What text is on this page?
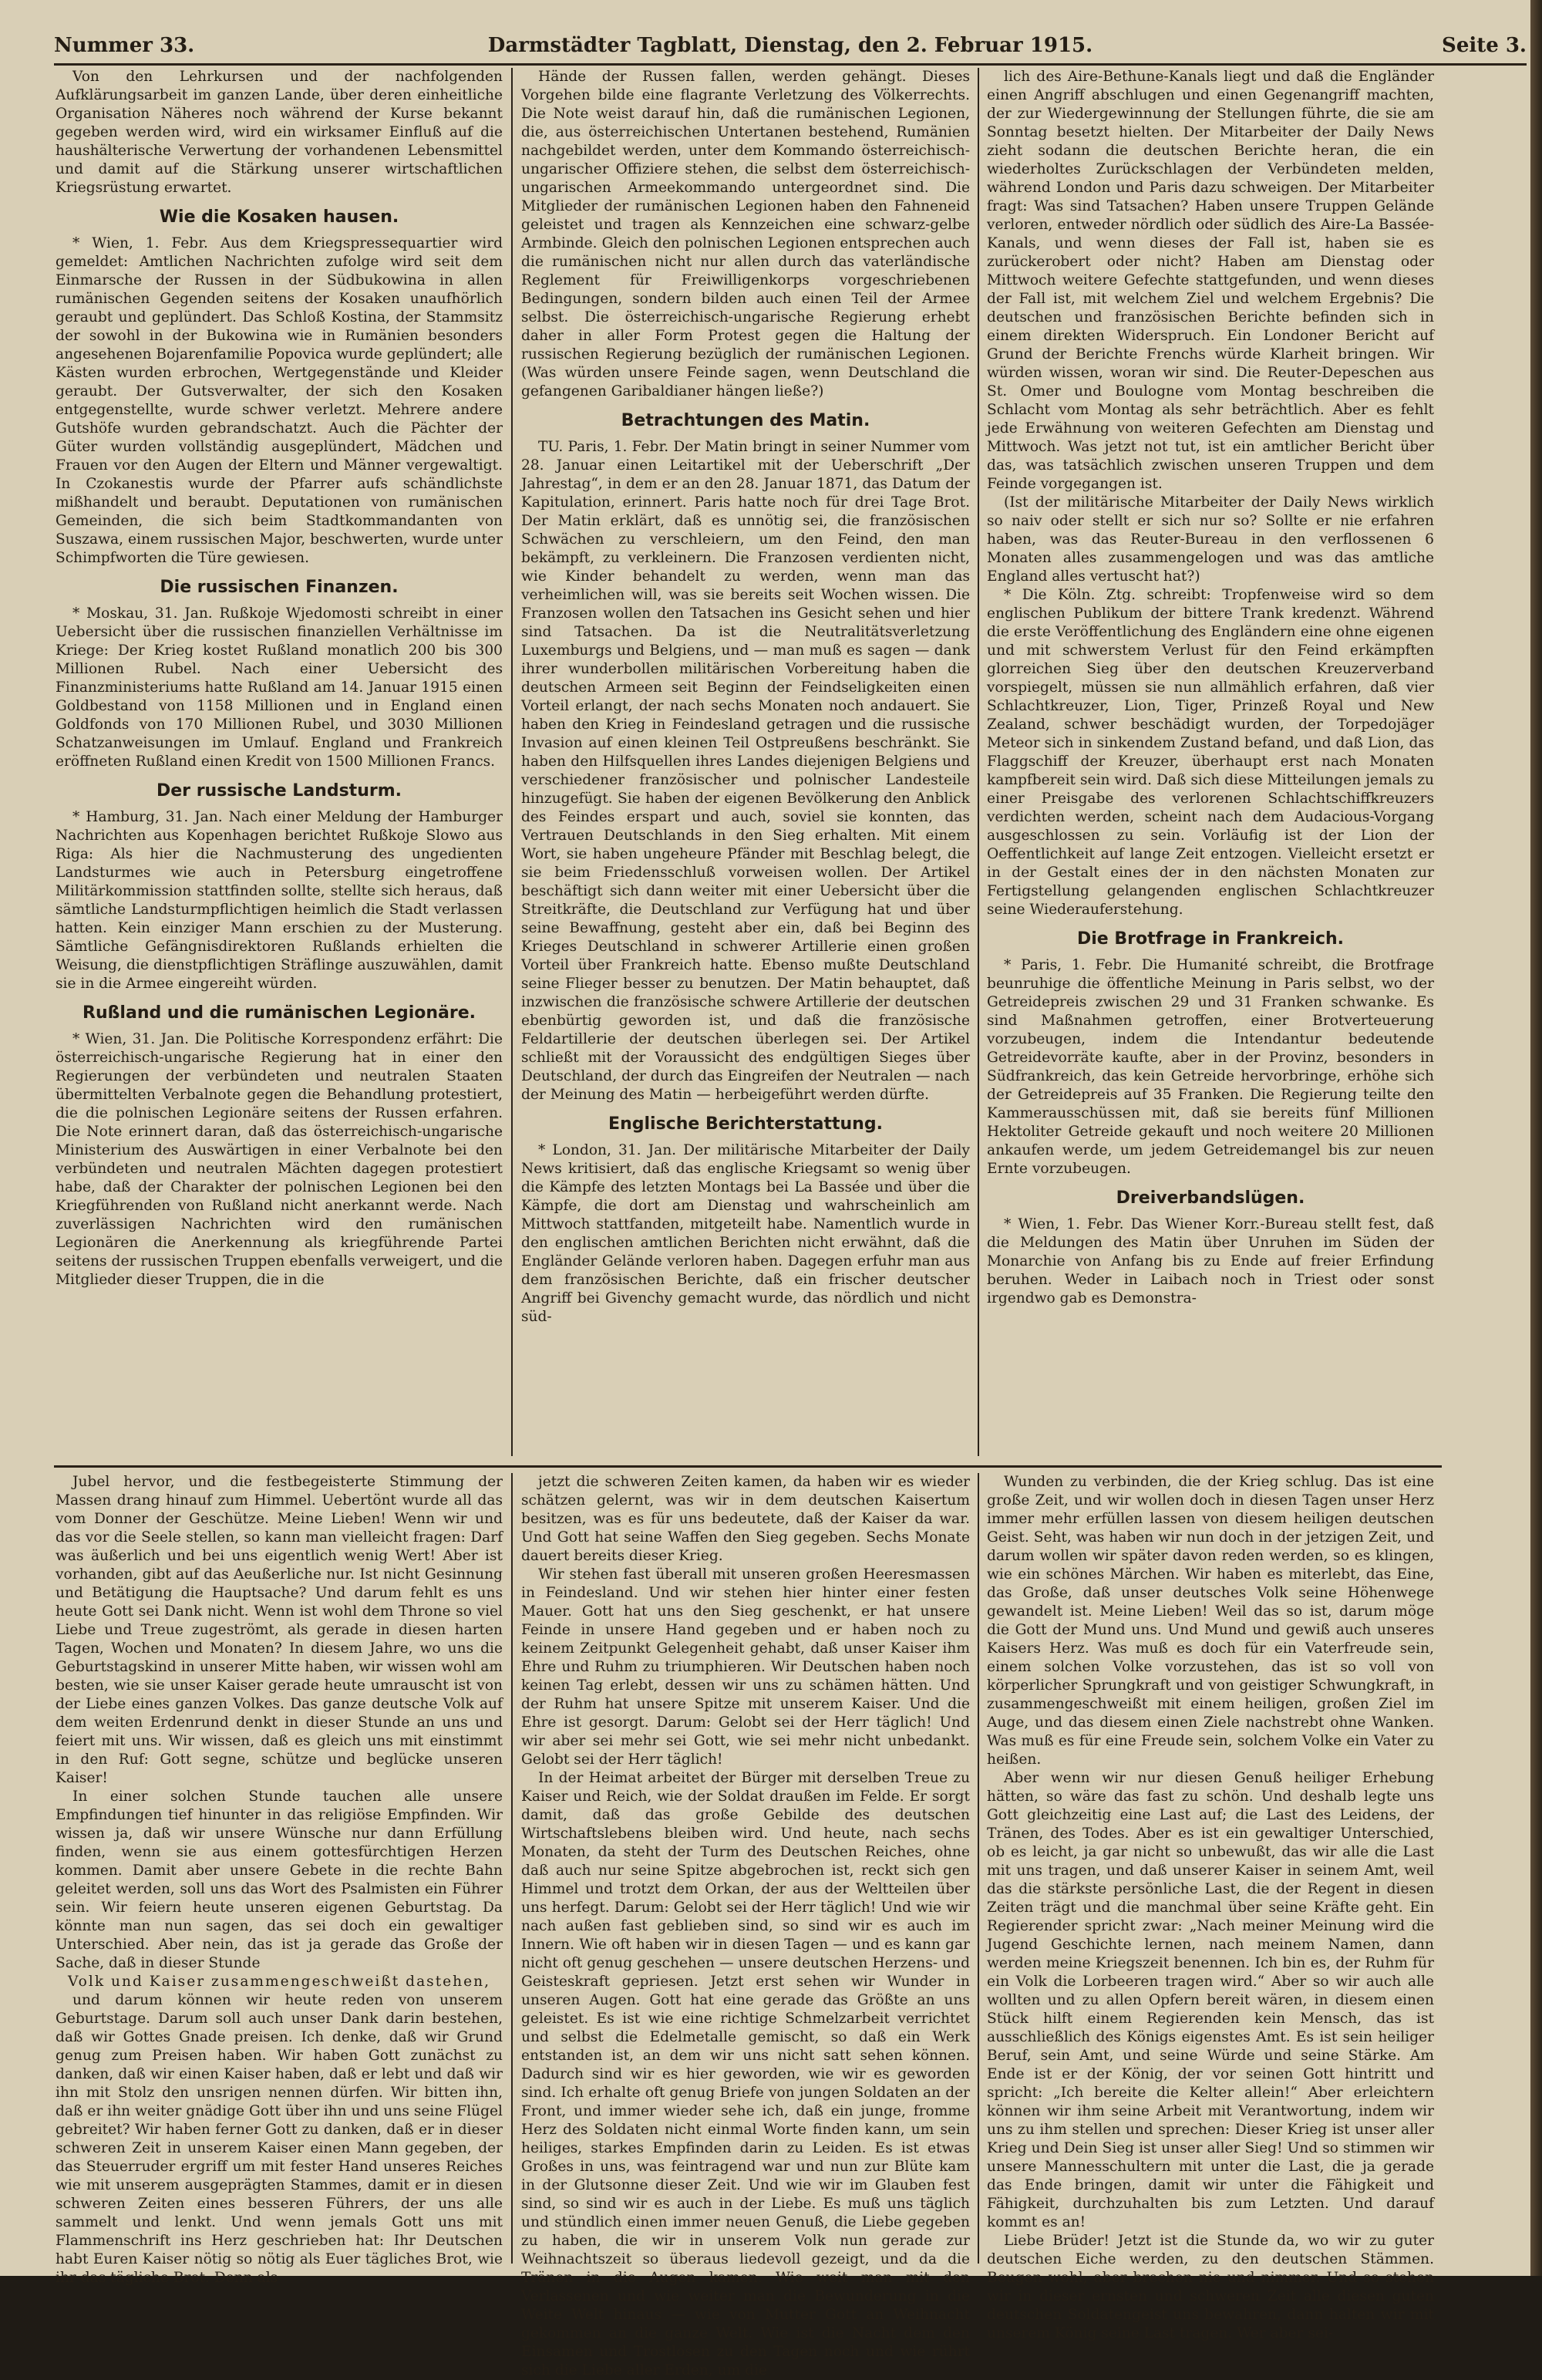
Nummer 33.	Darmstädter Tagblatt, Dienstag, den 2. Februar 1915.	Seite 3.

Von den Lehrkursen und der nachfolgenden Aufklärungsarbeit im ganzen Lande, über deren einheitliche Organisation Näheres noch während der Kurse bekannt gegeben werden wird, wird ein wirksamer Einfluß auf die haushälterische Verwertung der vorhandenen Lebensmittel und damit auf die Stärkung unserer wirtschaftlichen Kriegsrüstung erwartet.

Wie die Kosaken hausen.

* Wien, 1. Febr. Aus dem Kriegspressequartier wird gemeldet: Amtlichen Nachrichten zufolge wird seit dem Einmarsche der Russen in der Südbukowina in allen rumänischen Gegenden seitens der Kosaken unaufhörlich geraubt und geplündert. Das Schloß Kostina, der Stammsitz der sowohl in der Bukowina wie in Rumänien besonders angesehenen Bojarenfamilie Popovica wurde geplündert; alle Kästen wurden erbrochen, Wertgegenstände und Kleider geraubt. Der Gutsverwalter, der sich den Kosaken entgegenstellte, wurde schwer verletzt. Mehrere andere Gutshöfe wurden gebrandschatzt. Auch die Pächter der Güter wurden vollständig ausgeplündert, Mädchen und Frauen vor den Augen der Eltern und Männer vergewaltigt. In Czokanestis wurde der Pfarrer aufs schändlichste mißhandelt und beraubt. Deputationen von rumänischen Gemeinden, die sich beim Stadtkommandanten von Suszawa, einem russischen Major, beschwerten, wurde unter Schimpfworten die Türe gewiesen.

Die russischen Finanzen.

* Moskau, 31. Jan. Rußkoje Wjedomosti schreibt in einer Uebersicht über die russischen finanziellen Verhältnisse im Kriege: Der Krieg kostet Rußland monatlich 200 bis 300 Millionen Rubel. Nach einer Uebersicht des Finanzministeriums hatte Rußland am 14. Januar 1915 einen Goldbestand von 1158 Millionen und in England einen Goldfonds von 170 Millionen Rubel, und 3030 Millionen Schatzanweisungen im Umlauf. England und Frankreich eröffneten Rußland einen Kredit von 1500 Millionen Francs.

Der russische Landsturm.

* Hamburg, 31. Jan. Nach einer Meldung der Hamburger Nachrichten aus Kopenhagen berichtet Rußkoje Slowo aus Riga: Als hier die Nachmusterung des ungedienten Landsturmes wie auch in Petersburg eingetroffene Militärkommission stattfinden sollte, stellte sich heraus, daß sämtliche Landsturmpflichtigen heimlich die Stadt verlassen hatten. Kein einziger Mann erschien zu der Musterung. Sämtliche Gefängnisdirektoren Rußlands erhielten die Weisung, die dienstpflichtigen Sträflinge auszuwählen, damit sie in die Armee eingereiht würden.

Rußland und die rumänischen Legionäre.

* Wien, 31. Jan. Die Politische Korrespondenz erfährt: Die österreichisch-ungarische Regierung hat in einer den Regierungen der verbündeten und neutralen Staaten übermittelten Verbalnote gegen die Behandlung protestiert, die die polnischen Legionäre seitens der Russen erfahren. Die Note erinnert daran, daß das österreichisch-ungarische Ministerium des Auswärtigen in einer Verbalnote bei den verbündeten und neutralen Mächten dagegen protestiert habe, daß der Charakter der polnischen Legionen bei den Kriegführenden von Rußland nicht anerkannt werde. Nach zuverlässigen Nachrichten wird den rumänischen Legionären die Anerkennung als kriegführende Partei seitens der russischen Truppen ebenfalls verweigert, und die Mitglieder dieser Truppen, die in die

Hände der Russen fallen, werden gehängt. Dieses Vorgehen bilde eine flagrante Verletzung des Völkerrechts. Die Note weist darauf hin, daß die rumänischen Legionen, die, aus österreichischen Untertanen bestehend, Rumänien nachgebildet werden, unter dem Kommando österreichisch-ungarischer Offiziere stehen, die selbst dem österreichisch-ungarischen Armeekommando untergeordnet sind. Die Mitglieder der rumänischen Legionen haben den Fahneneid geleistet und tragen als Kennzeichen eine schwarz-gelbe Armbinde. Gleich den polnischen Legionen entsprechen auch die rumänischen nicht nur allen durch das vaterländische Reglement für Freiwilligenkorps vorgeschriebenen Bedingungen, sondern bilden auch einen Teil der Armee selbst. Die österreichisch-ungarische Regierung erhebt daher in aller Form Protest gegen die Haltung der russischen Regierung bezüglich der rumänischen Legionen. (Was würden unsere Feinde sagen, wenn Deutschland die gefangenen Garibaldianer hängen ließe?)

Betrachtungen des Matin.

TU. Paris, 1. Febr. Der Matin bringt in seiner Nummer vom 28. Januar einen Leitartikel mit der Ueberschrift „Der Jahrestag“, in dem er an den 28. Januar 1871, das Datum der Kapitulation, erinnert. Paris hatte noch für drei Tage Brot. Der Matin erklärt, daß es unnötig sei, die französischen Schwächen zu verschleiern, um den Feind, den man bekämpft, zu verkleinern. Die Franzosen verdienten nicht, wie Kinder behandelt zu werden, wenn man das verheimlichen will, was sie bereits seit Wochen wissen. Die Franzosen wollen den Tatsachen ins Gesicht sehen und hier sind Tatsachen. Da ist die Neutralitätsverletzung Luxemburgs und Belgiens, und — man muß es sagen — dank ihrer wunderbollen militärischen Vorbereitung haben die deutschen Armeen seit Beginn der Feindseligkeiten einen Vorteil erlangt, der nach sechs Monaten noch andauert. Sie haben den Krieg in Feindesland getragen und die russische Invasion auf einen kleinen Teil Ostpreußens beschränkt. Sie haben den Hilfsquellen ihres Landes diejenigen Belgiens und verschiedener französischer und polnischer Landesteile hinzugefügt. Sie haben der eigenen Bevölkerung den Anblick des Feindes erspart und auch, soviel sie konnten, das Vertrauen Deutschlands in den Sieg erhalten. Mit einem Wort, sie haben ungeheure Pfänder mit Beschlag belegt, die sie beim Friedensschluß vorweisen wollen. Der Artikel beschäftigt sich dann weiter mit einer Uebersicht über die Streitkräfte, die Deutschland zur Verfügung hat und über seine Bewaffnung, gesteht aber ein, daß bei Beginn des Krieges Deutschland in schwerer Artillerie einen großen Vorteil über Frankreich hatte. Ebenso mußte Deutschland seine Flieger besser zu benutzen. Der Matin behauptet, daß inzwischen die französische schwere Artillerie der deutschen ebenbürtig geworden ist, und daß die französische Feldartillerie der deutschen überlegen sei. Der Artikel schließt mit der Voraussicht des endgültigen Sieges über Deutschland, der durch das Eingreifen der Neutralen — nach der Meinung des Matin — herbeigeführt werden dürfte.

Englische Berichterstattung.

* London, 31. Jan. Der militärische Mitarbeiter der Daily News kritisiert, daß das englische Kriegsamt so wenig über die Kämpfe des letzten Montags bei La Bassée und über die Kämpfe, die dort am Dienstag und wahrscheinlich am Mittwoch stattfanden, mitgeteilt habe. Namentlich wurde in den englischen amtlichen Berichten nicht erwähnt, daß die Engländer Gelände verloren haben. Dagegen erfuhr man aus dem französischen Berichte, daß ein frischer deutscher Angriff bei Givenchy gemacht wurde, das nördlich und nicht süd-

lich des Aire-Bethune-Kanals liegt und daß die Engländer einen Angriff abschlugen und einen Gegenangriff machten, der zur Wiedergewinnung der Stellungen führte, die sie am Sonntag besetzt hielten. Der Mitarbeiter der Daily News zieht sodann die deutschen Berichte heran, die ein wiederholtes Zurückschlagen der Verbündeten melden, während London und Paris dazu schweigen. Der Mitarbeiter fragt: Was sind Tatsachen? Haben unsere Truppen Gelände verloren, entweder nördlich oder südlich des Aire-La Bassée-Kanals, und wenn dieses der Fall ist, haben sie es zurückerobert oder nicht? Haben am Dienstag oder Mittwoch weitere Gefechte stattgefunden, und wenn dieses der Fall ist, mit welchem Ziel und welchem Ergebnis? Die deutschen und französischen Berichte befinden sich in einem direkten Widerspruch. Ein Londoner Bericht auf Grund der Berichte Frenchs würde Klarheit bringen. Wir würden wissen, woran wir sind. Die Reuter-Depeschen aus St. Omer und Boulogne vom Montag beschreiben die Schlacht vom Montag als sehr beträchtlich. Aber es fehlt jede Erwähnung von weiteren Gefechten am Dienstag und Mittwoch. Was jetzt not tut, ist ein amtlicher Bericht über das, was tatsächlich zwischen unseren Truppen und dem Feinde vorgegangen ist.

(Ist der militärische Mitarbeiter der Daily News wirklich so naiv oder stellt er sich nur so? Sollte er nie erfahren haben, was das Reuter-Bureau in den verflossenen 6 Monaten alles zusammengelogen und was das amtliche England alles vertuscht hat?)

* Die Köln. Ztg. schreibt: Tropfenweise wird so dem englischen Publikum der bittere Trank kredenzt. Während die erste Veröffentlichung des Engländern eine ohne eigenen und mit schwerstem Verlust für den Feind erkämpften glorreichen Sieg über den deutschen Kreuzerverband vorspiegelt, müssen sie nun allmählich erfahren, daß vier Schlachtkreuzer, Lion, Tiger, Prinzeß Royal und New Zealand, schwer beschädigt wurden, der Torpedojäger Meteor sich in sinkendem Zustand befand, und daß Lion, das Flaggschiff der Kreuzer, überhaupt erst nach Monaten kampfbereit sein wird. Daß sich diese Mitteilungen jemals zu einer Preisgabe des verlorenen Schlachtschiffkreuzers verdichten werden, scheint nach dem Audacious-Vorgang ausgeschlossen zu sein. Vorläufig ist der Lion der Oeffentlichkeit auf lange Zeit entzogen. Vielleicht ersetzt er in der Gestalt eines der in den nächsten Monaten zur Fertigstellung gelangenden englischen Schlachtkreuzer seine Wiederauferstehung.

Die Brotfrage in Frankreich.

* Paris, 1. Febr. Die Humanité schreibt, die Brotfrage beunruhige die öffentliche Meinung in Paris selbst, wo der Getreidepreis zwischen 29 und 31 Franken schwanke. Es sind Maßnahmen getroffen, einer Brotverteuerung vorzubeugen, indem die Intendantur bedeutende Getreidevorräte kaufte, aber in der Provinz, besonders in Südfrankreich, das kein Getreide hervorbringe, erhöhe sich der Getreidepreis auf 35 Franken. Die Regierung teilte den Kammerausschüssen mit, daß sie bereits fünf Millionen Hektoliter Getreide gekauft und noch weitere 20 Millionen ankaufen werde, um jedem Getreidemangel bis zur neuen Ernte vorzubeugen.

Dreiverbandslügen.

* Wien, 1. Febr. Das Wiener Korr.-Bureau stellt fest, daß die Meldungen des Matin über Unruhen im Süden der Monarchie von Anfang bis zu Ende auf freier Erfindung beruhen. Weder in Laibach noch in Triest oder sonst irgendwo gab es Demonstra-

Jubel hervor, und die festbegeisterte Stimmung der Massen drang hinauf zum Himmel. Uebertönt wurde all das vom Donner der Geschütze. Meine Lieben! Wenn wir und das vor die Seele stellen, so kann man vielleicht fragen: Darf was äußerlich und bei uns eigentlich wenig Wert! Aber ist vorhanden, gibt auf das Aeußerliche nur. Ist nicht Gesinnung und Betätigung die Hauptsache? Und darum fehlt es uns heute Gott sei Dank nicht. Wenn ist wohl dem Throne so viel Liebe und Treue zugeströmt, als gerade in diesen harten Tagen, Wochen und Monaten? In diesem Jahre, wo uns die Geburtstagskind in unserer Mitte haben, wir wissen wohl am besten, wie sie unser Kaiser gerade heute umrauscht ist von der Liebe eines ganzen Volkes. Das ganze deutsche Volk auf dem weiten Erdenrund denkt in dieser Stunde an uns und feiert mit uns. Wir wissen, daß es gleich uns mit einstimmt in den Ruf: Gott segne, schütze und beglücke unseren Kaiser!

In einer solchen Stunde tauchen alle unsere Empfindungen tief hinunter in das religiöse Empfinden. Wir wissen ja, daß wir unsere Wünsche nur dann Erfüllung finden, wenn sie aus einem gottesfürchtigen Herzen kommen. Damit aber unsere Gebete in die rechte Bahn geleitet werden, soll uns das Wort des Psalmisten ein Führer sein. Wir feiern heute unseren eigenen Geburtstag. Da könnte man nun sagen, das sei doch ein gewaltiger Unterschied. Aber nein, das ist ja gerade das Große der Sache, daß in dieser Stunde

Volk und Kaiser zusammengeschweißt dastehen,

und darum können wir heute reden von unserem Geburtstage. Darum soll auch unser Dank darin bestehen, daß wir Gottes Gnade preisen. Ich denke, daß wir Grund genug zum Preisen haben. Wir haben Gott zunächst zu danken, daß wir einen Kaiser haben, daß er lebt und daß wir ihn mit Stolz den unsrigen nennen dürfen. Wir bitten ihn, daß er ihn weiter gnädige Gott über ihn und uns seine Flügel gebreitet? Wir haben ferner Gott zu danken, daß er in dieser schweren Zeit in unserem Kaiser einen Mann gegeben, der das Steuerruder ergriff um mit fester Hand unseres Reiches wie mit unserem ausgeprägten Stammes, damit er in diesen schweren Zeiten eines besseren Führers, der uns alle sammelt und lenkt. Und wenn jemals Gott uns mit Flammenschrift ins Herz geschrieben hat: Ihr Deutschen habt Euren Kaiser nötig so nötig als Euer tägliches Brot, wie ihr das tägliche Brot. Denn als

jetzt die schweren Zeiten kamen, da haben wir es wieder schätzen gelernt, was wir in dem deutschen Kaisertum besitzen, was es für uns bedeutete, daß der Kaiser da war. Und Gott hat seine Waffen den Sieg gegeben. Sechs Monate dauert bereits dieser Krieg.

Wir stehen fast überall mit unseren großen Heeresmassen in Feindesland. Und wir stehen hier hinter einer festen Mauer. Gott hat uns den Sieg geschenkt, er hat unsere Feinde in unsere Hand gegeben und er haben noch zu keinem Zeitpunkt Gelegenheit gehabt, daß unser Kaiser ihm Ehre und Ruhm zu triumphieren. Wir Deutschen haben noch keinen Tag erlebt, dessen wir uns zu schämen hätten. Und der Ruhm hat unsere Spitze mit unserem Kaiser. Und die Ehre ist gesorgt. Darum: Gelobt sei der Herr täglich! Und wir aber sei mehr sei Gott, wie sei mehr nicht unbedankt. Gelobt sei der Herr täglich!

In der Heimat arbeitet der Bürger mit derselben Treue zu Kaiser und Reich, wie der Soldat draußen im Felde. Er sorgt damit, daß das große Gebilde des deutschen Wirtschaftslebens bleiben wird. Und heute, nach sechs Monaten, da steht der Turm des Deutschen Reiches, ohne daß auch nur seine Spitze abgebrochen ist, reckt sich gen Himmel und trotzt dem Orkan, der aus der Weltteilen über uns herfegt. Darum: Gelobt sei der Herr täglich! Und wie wir nach außen fast geblieben sind, so sind wir es auch im Innern. Wie oft haben wir in diesen Tagen — und es kann gar nicht oft genug geschehen — unsere deutschen Herzens- und Geisteskraft gepriesen. Jetzt erst sehen wir Wunder in unseren Augen. Gott hat eine gerade das Größte an uns geleistet. Es ist wie eine richtige Schmelzarbeit verrichtet und selbst die Edelmetalle gemischt, so daß ein Werk entstanden ist, an dem wir uns nicht satt sehen können. Dadurch sind wir es hier geworden, wie wir es geworden sind. Ich erhalte oft genug Briefe von jungen Soldaten an der Front, und immer wieder sehe ich, daß ein junge, fromme Herz des Soldaten nicht einmal Worte finden kann, um sein heiliges, starkes Empfinden darin zu Leiden. Es ist etwas Großes in uns, was feintragend war und nun zur Blüte kam in der Glutsonne dieser Zeit. Und wie wir im Glauben fest sind, so sind wir es auch in der Liebe. Es muß uns täglich und stündlich einen immer neuen Genuß, die Liebe gegeben zu haben, die wir in unserem Volk nun gerade zur Weihnachtszeit so überaus liedevoll gezeigt, und da die Tränen in die Augen kamen. Wie weit man mit den Verlassenen und wie weiter man die Bewunderung in die Weite Welt hinaus — wie von Mutter Gott an Weihnacht gekommen an die ganze Welt. Wie ist die Nacht dem den Einsamen und Trostlosen zu den Tagen noch und wie rührt sich die Liebe aller Erden, um die

Wunden zu verbinden, die der Krieg schlug. Das ist eine große Zeit, und wir wollen doch in diesen Tagen unser Herz immer mehr erfüllen lassen von diesem heiligen deutschen Geist. Seht, was haben wir nun doch in der jetzigen Zeit, und darum wollen wir später davon reden werden, so es klingen, wie ein schönes Märchen. Wir haben es miterlebt, das Eine, das Große, daß unser deutsches Volk seine Höhenwege gewandelt ist. Meine Lieben! Weil das so ist, darum möge die Gott der Mund uns. Und Mund und gewiß auch unseres Kaisers Herz. Was muß es doch für ein Vaterfreude sein, einem solchen Volke vorzustehen, das ist so voll von körperlicher Sprungkraft und von geistiger Schwungkraft, in zusammengeschweißt mit einem heiligen, großen Ziel im Auge, und das diesem einen Ziele nachstrebt ohne Wanken. Was muß es für eine Freude sein, solchem Volke ein Vater zu heißen.

Aber wenn wir nur diesen Genuß heiliger Erhebung hätten, so wäre das fast zu schön. Und deshalb legte uns Gott gleichzeitig eine Last auf; die Last des Leidens, der Tränen, des Todes. Aber es ist ein gewaltiger Unterschied, ob es leicht, ja gar nicht so unbewußt, das wir alle die Last mit uns tragen, und daß unserer Kaiser in seinem Amt, weil das die stärkste persönliche Last, die der Regent in diesen Zeiten trägt und die manchmal über seine Kräfte geht. Ein Regierender spricht zwar: „Nach meiner Meinung wird die Jugend Geschichte lernen, nach meinem Namen, dann werden meine Kriegszeit benennen. Ich bin es, der Ruhm für ein Volk die Lorbeeren tragen wird.“ Aber so wir auch alle wollten und zu allen Opfern bereit wären, in diesem einen Stück hilft einem Regierenden kein Mensch, das ist ausschließlich des Königs eigenstes Amt. Es ist sein heiliger Beruf, sein Amt, und seine Würde und seine Stärke. Am Ende ist er der König, der vor seinen Gott hintritt und spricht: „Ich bereite die Kelter allein!“ Aber erleichtern können wir ihm seine Arbeit mit Verantwortung, indem wir uns zu ihm stellen und sprechen: Dieser Krieg ist unser aller Krieg und Dein Sieg ist unser aller Sieg! Und so stimmen wir unsere Mannesschultern mit unter die Last, die ja gerade das Ende bringen, damit wir unter die Fähigkeit und Fähigkeit, durchzuhalten bis zum Letzten. Und darauf kommt es an!

Liebe Brüder! Jetzt ist die Stunde da, wo wir zu guter deutschen Eiche werden, zu den deutschen Stämmen. Beugen wohl, aber brechen nie und nimmer. Und so stehen wir in dieser ernsten und schweren Zeit alle diesen guten deutschen Soldatengeist uns bewahren, dann halten wir mit unserem König seine Last tragen. Wer aber sei-
